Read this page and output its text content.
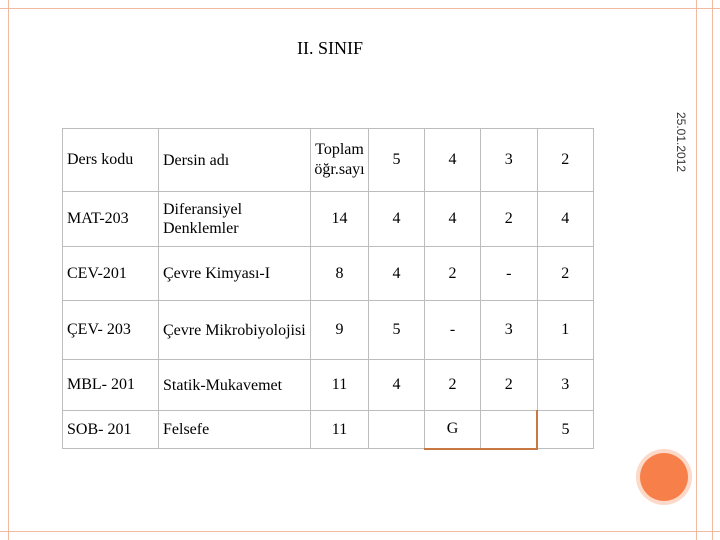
II. SINIF
25.01.2012
Ders kodu	Dersin adı	Toplam öğr.sayı	5	4	3	2
MAT-203	Diferansiyel Denklemler	14	4	4	2	4
CEV-201	Çevre Kimyası-I	8	4	2	-	2
ÇEV- 203	Çevre Mikrobiyolojisi	9	5	-	3	1
MBL- 201	Statik-Mukavemet	11	4	2	2	3
SOB- 201	Felsefe	11		G		5
